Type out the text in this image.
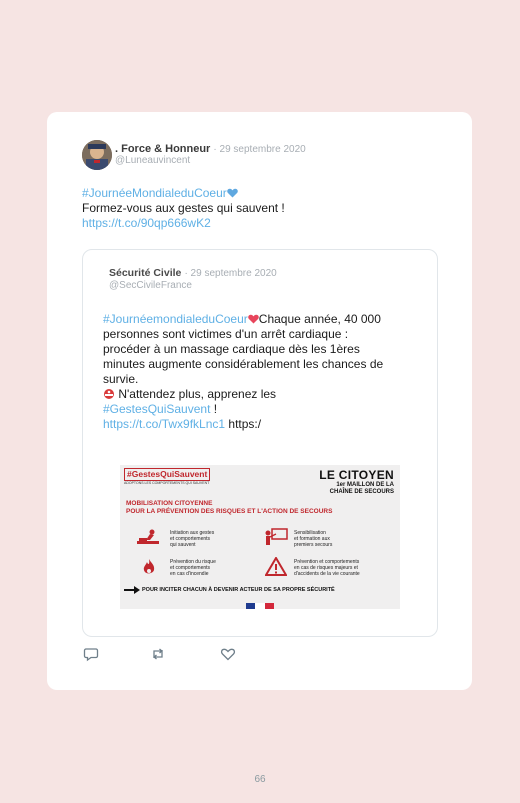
. Force & Honneur · 29 septembre 2020
@Luneauvincent
#JournéeMondialeduCoeur
Formez-vous aux gestes qui sauvent !
https://t.co/90qp666wK2
Sécurité Civile · 29 septembre 2020
@SecCivileFrance
#JournéemondialeduCoeur Chaque année, 40 000
personnes sont victimes d'un arrêt cardiaque :
procéder à un massage cardiaque dès les 1ères
minutes augmente considérablement les chances de
survie.
N'attendez plus, apprenez les
#GestesQuiSauvent !
https://t.co/Twx9fkLnc1 https:/
#GestesQuiSauvent
ADOPTONS LES COMPORTEMENTS QUI SAUVENT
LE CITOYEN
1er MAILLON DE LA
CHAÎNE DE SECOURS
MOBILISATION CITOYENNE
POUR LA PRÉVENTION DES RISQUES ET L'ACTION DE SECOURS
Initiation aux gestes
et comportements
qui sauvent
Sensibilisation
et formation aux
premiers secours
Prévention du risque
et comportements
en cas d'incendie
Prévention et comportements
en cas de risques majeurs et
d'accidents de la vie courante
POUR INCITER CHACUN À DEVENIR ACTEUR DE SA PROPRE SÉCURITÉ
66
